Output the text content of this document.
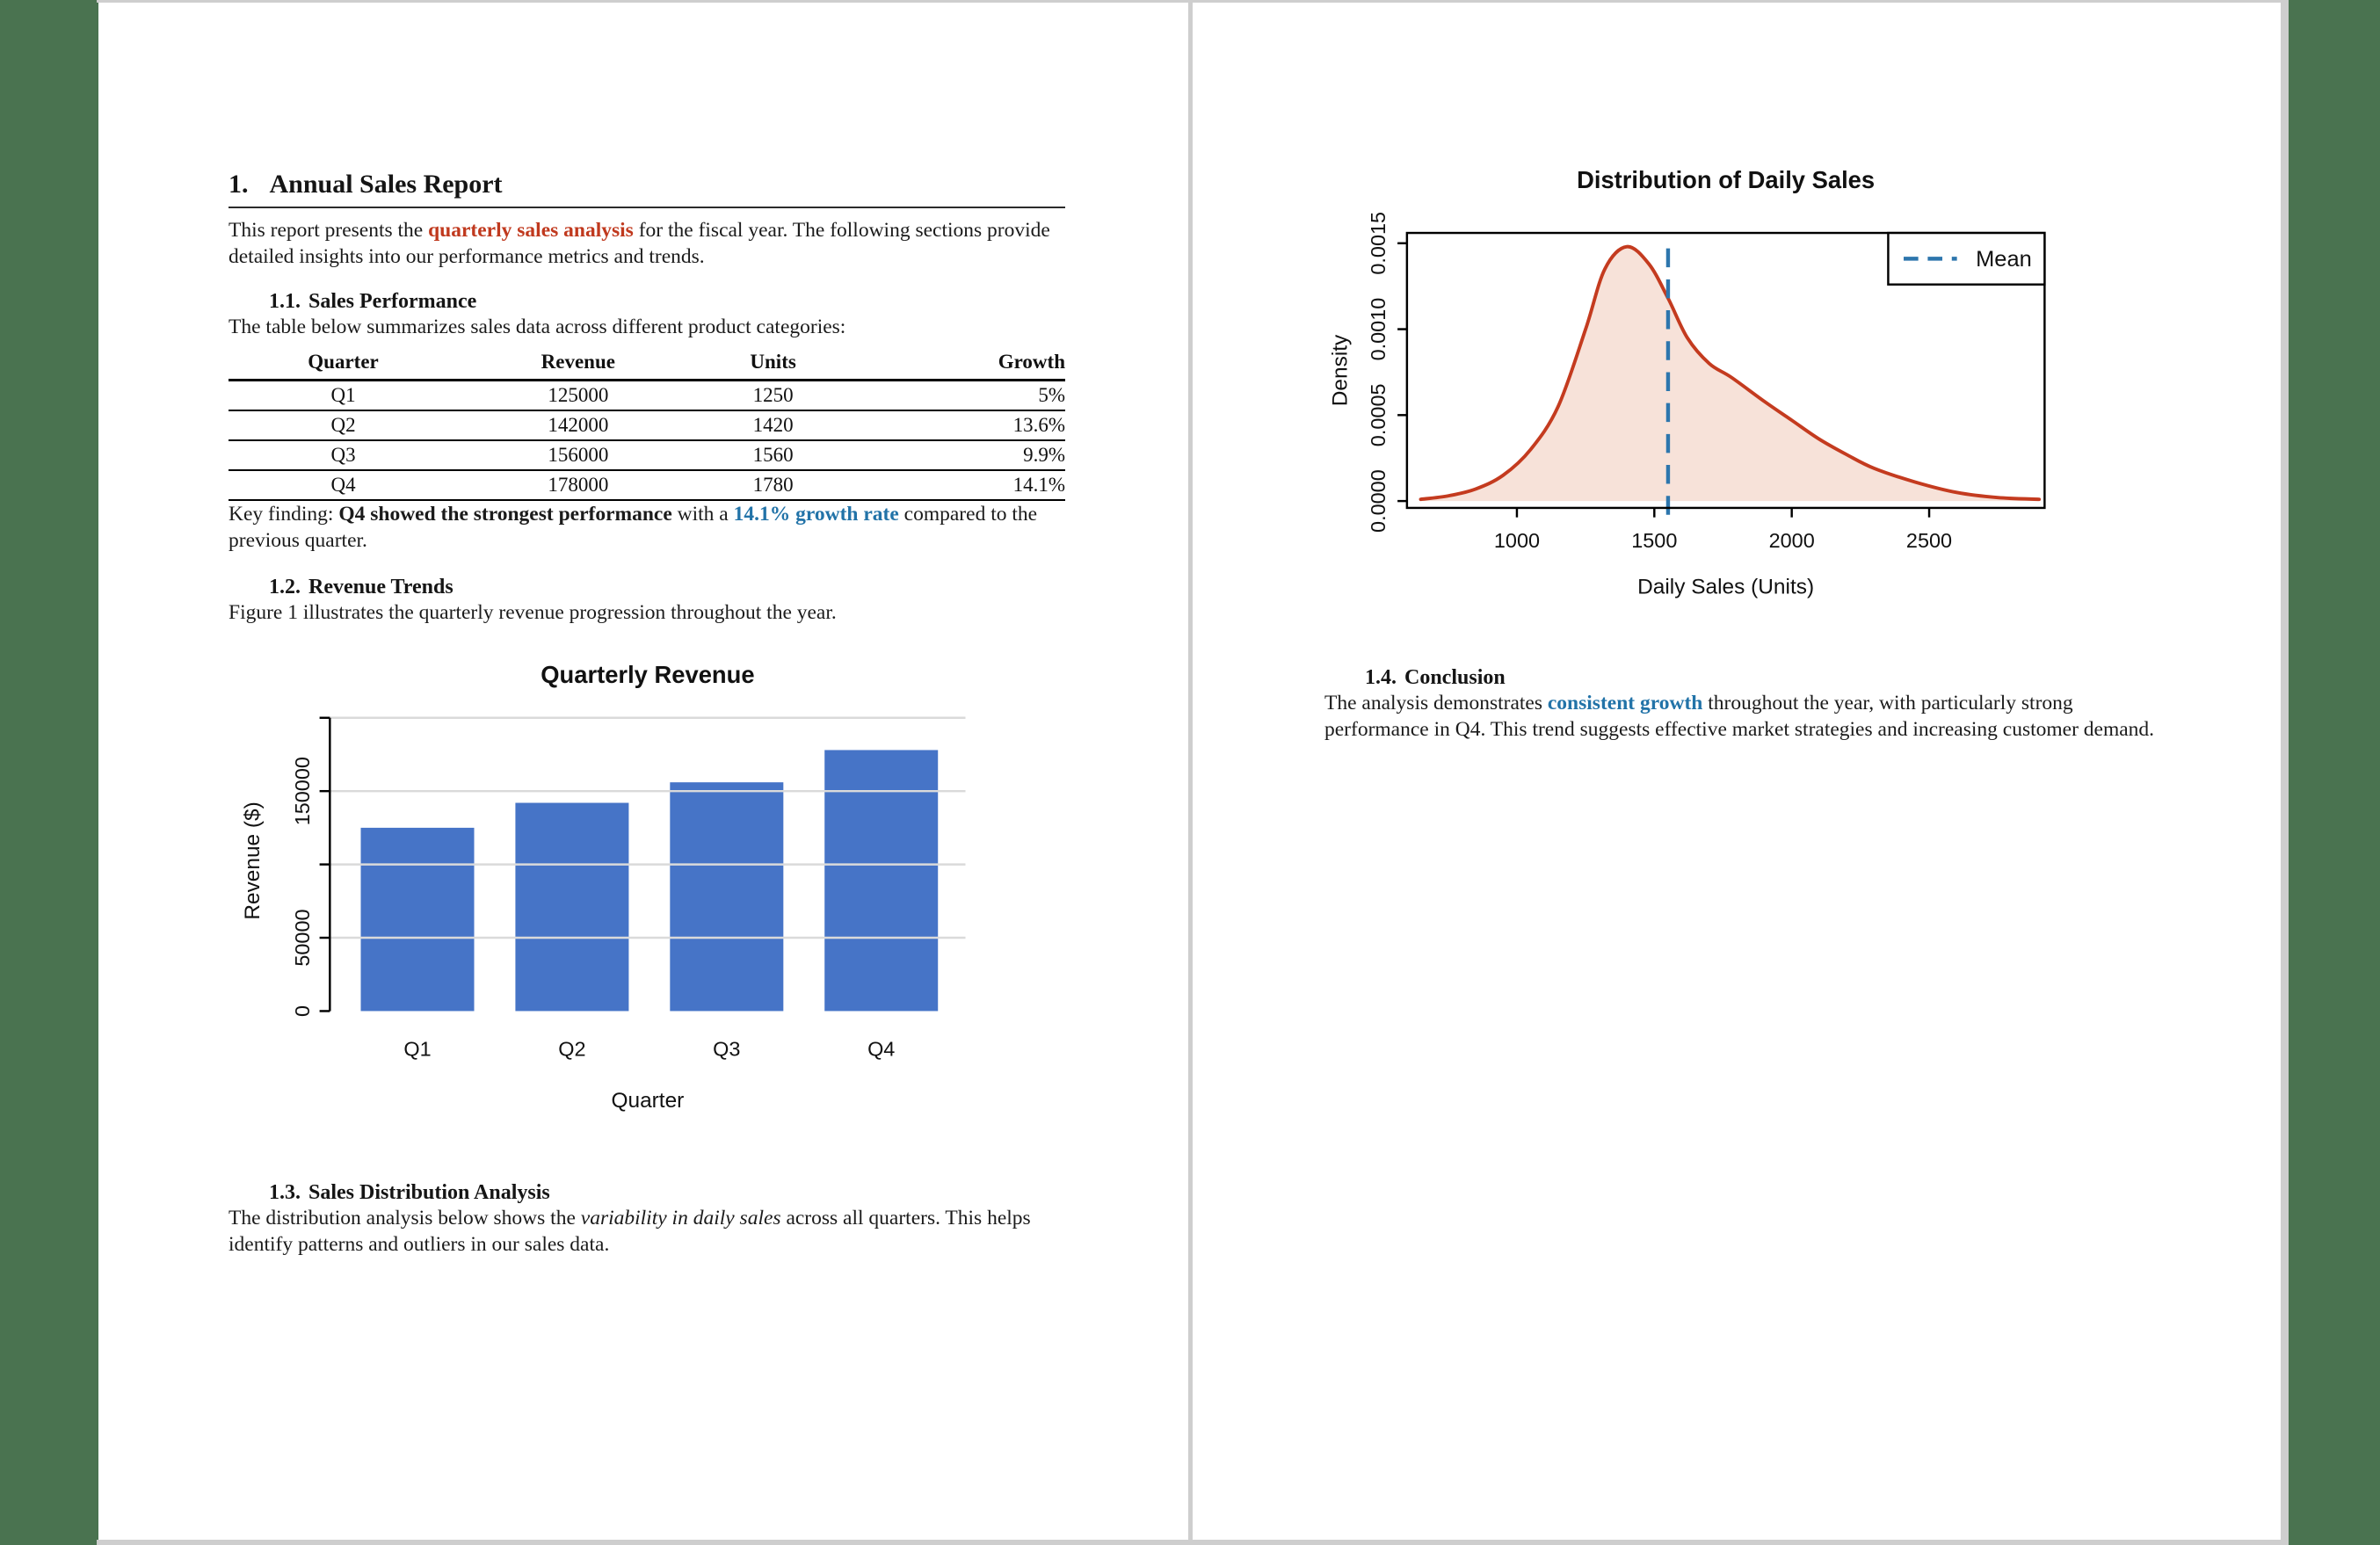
1. Annual Sales Report

This report presents the quarterly sales analysis for the fiscal year. The following sections provide detailed insights into our performance metrics and trends.

1.1. Sales Performance

The table below summarizes sales data across different product categories:

Quarter	Revenue	Units	Growth
Q1	125000	1250	5%
Q2	142000	1420	13.6%
Q3	156000	1560	9.9%
Q4	178000	1780	14.1%

Key finding: Q4 showed the strongest performance with a 14.1% growth rate compared to the previous quarter.

1.2. Revenue Trends

Figure 1 illustrates the quarterly revenue progression throughout the year.

0
50000
150000
Q1	Q2	Q3	Q4
Quarter
Revenue ($)
Quarterly Revenue
1.3. Sales Distribution Analysis

The distribution analysis below shows the variability in daily sales across all quarters. This helps identify patterns and outliers in our sales data.

1000	1500	2000	2500
0.0000
0.0005
0.0010
0.0015
Daily Sales (Units)
Density
Distribution of Daily Sales
Mean
1.4. Conclusion

The analysis demonstrates consistent growth throughout the year, with particularly strong performance in Q4. This trend suggests effective market strategies and increasing customer demand.
